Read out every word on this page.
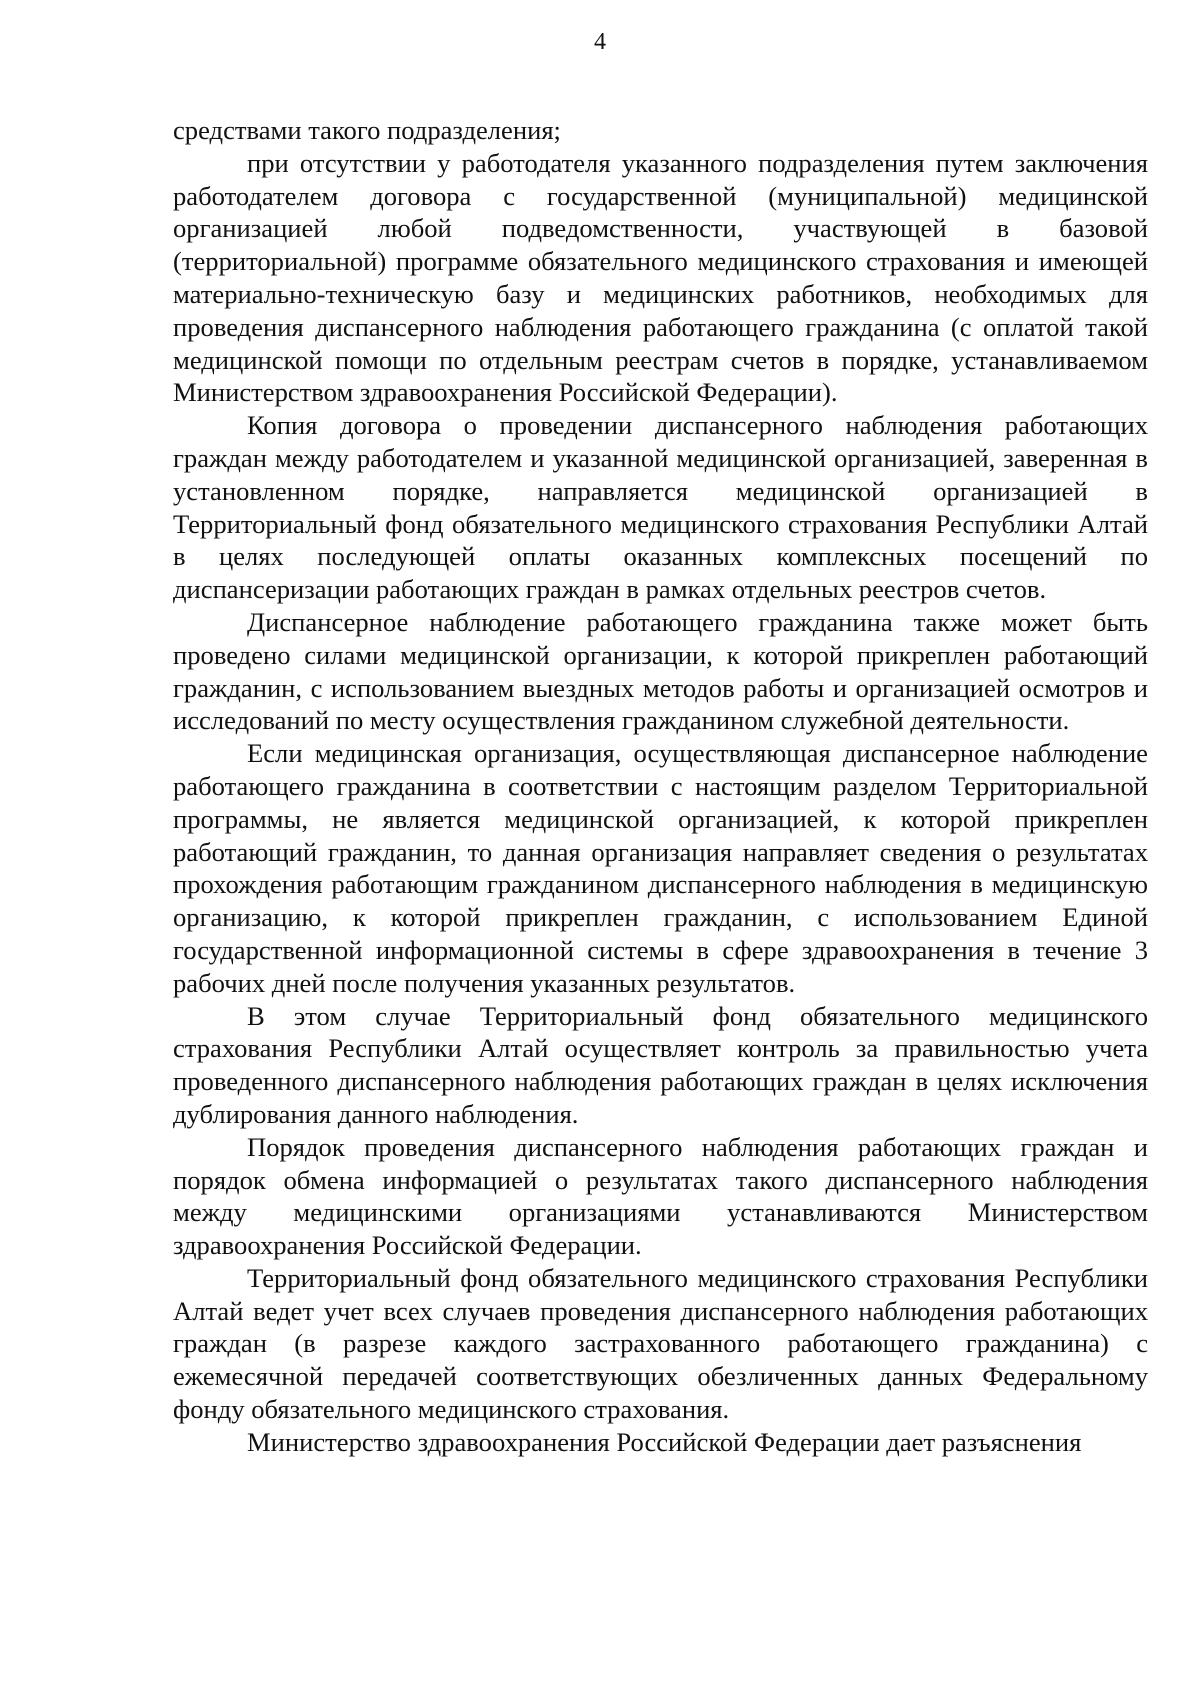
4

средствами такого подразделения;

при отсутствии у работодателя указанного подразделения путем заключения работодателем договора с государственной (муниципальной) медицинской организацией любой подведомственности, участвующей в базовой (территориальной) программе обязательного медицинского страхования и имеющей материально-техническую базу и медицинских работников, необходимых для проведения диспансерного наблюдения работающего гражданина (с оплатой такой медицинской помощи по отдельным реестрам счетов в порядке, устанавливаемом Министерством здравоохранения Российской Федерации).

Копия договора о проведении диспансерного наблюдения работающих граждан между работодателем и указанной медицинской организацией, заверенная в установленном порядке, направляется медицинской организацией в Территориальный фонд обязательного медицинского страхования Республики Алтай в целях последующей оплаты оказанных комплексных посещений по диспансеризации работающих граждан в рамках отдельных реестров счетов.

Диспансерное наблюдение работающего гражданина также может быть проведено силами медицинской организации, к которой прикреплен работающий гражданин, с использованием выездных методов работы и организацией осмотров и исследований по месту осуществления гражданином служебной деятельности.

Если медицинская организация, осуществляющая диспансерное наблюдение работающего гражданина в соответствии с настоящим разделом Территориальной программы, не является медицинской организацией, к которой прикреплен работающий гражданин, то данная организация направляет сведения о результатах прохождения работающим гражданином диспансерного наблюдения в медицинскую организацию, к которой прикреплен гражданин, с использованием Единой государственной информационной системы в сфере здравоохранения в течение 3 рабочих дней после получения указанных результатов.

В этом случае Территориальный фонд обязательного медицинского страхования Республики Алтай осуществляет контроль за правильностью учета проведенного диспансерного наблюдения работающих граждан в целях исключения дублирования данного наблюдения.

Порядок проведения диспансерного наблюдения работающих граждан и порядок обмена информацией о результатах такого диспансерного наблюдения между медицинскими организациями устанавливаются Министерством здравоохранения Российской Федерации.

Территориальный фонд обязательного медицинского страхования Республики Алтай ведет учет всех случаев проведения диспансерного наблюдения работающих граждан (в разрезе каждого застрахованного работающего гражданина) с ежемесячной передачей соответствующих обезличенных данных Федеральному фонду обязательного медицинского страхования.

Министерство здравоохранения Российской Федерации дает разъяснения
